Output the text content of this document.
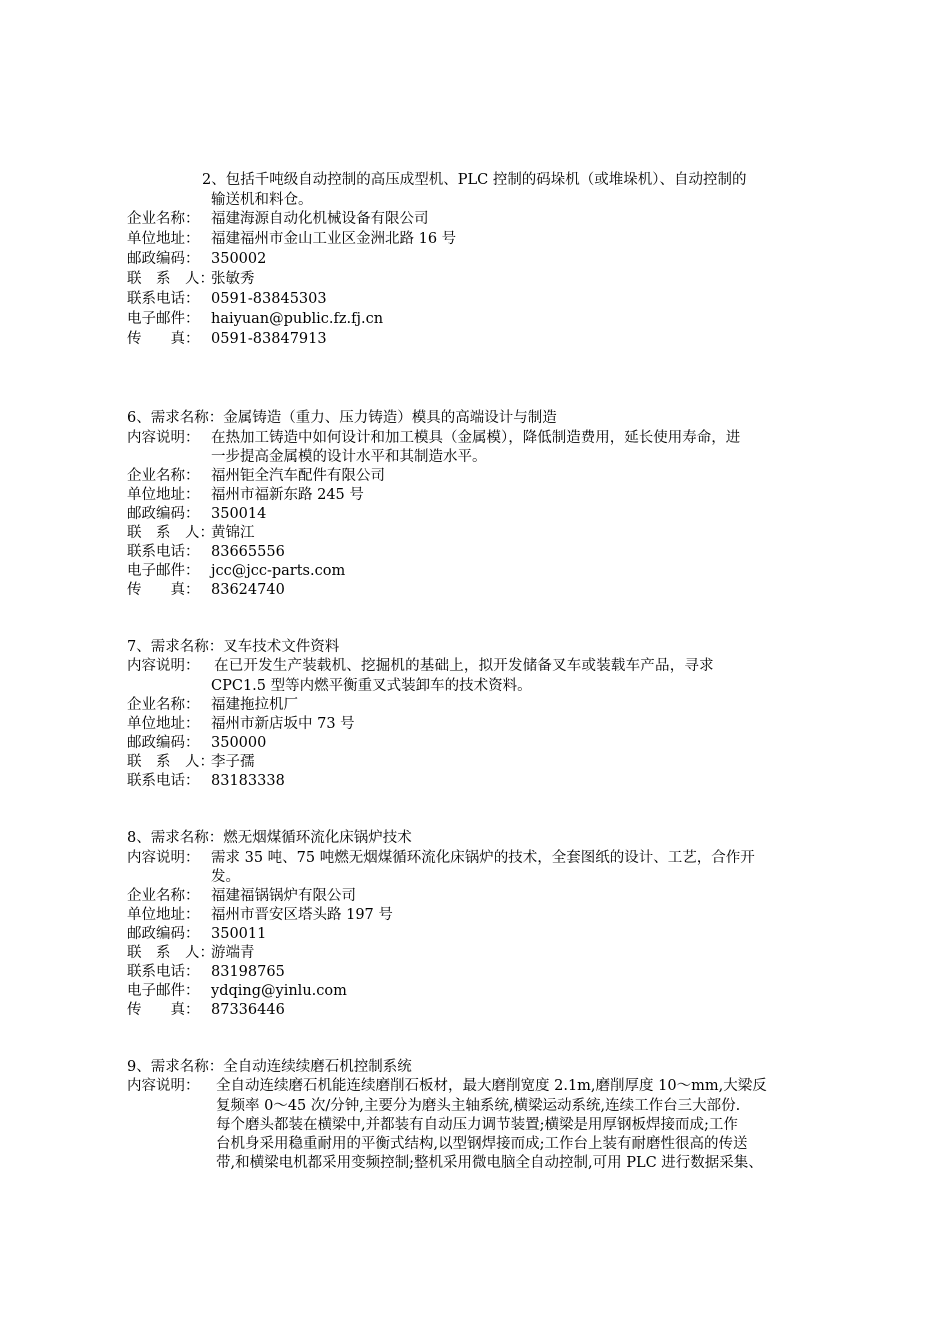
2、包括千吨级自动控制的高压成型机、PLC 控制的码垛机（或堆垛机）、自动控制的
输送机和料仓。
企业名称： 福建海源自动化机械设备有限公司
单位地址： 福建福州市金山工业区金洲北路 16 号
邮政编码： 350002
联　系　人：
张敏秀
联系电话： 0591-83845303
电子邮件： haiyuan@public.fz.fj.cn
传　　真： 0591-83847913
6、需求名称：金属铸造（重力、压力铸造）模具的高端设计与制造
内容说明： 在热加工铸造中如何设计和加工模具（金属模），降低制造费用，延长使用寿命，进
一步提高金属模的设计水平和其制造水平。
企业名称： 福州钜全汽车配件有限公司
单位地址： 福州市福新东路 245 号
邮政编码： 350014
联　系　人：
黄锦江
联系电话： 83665556
电子邮件： jcc@jcc-parts.com
传　　真： 83624740
7、需求名称：叉车技术文件资料
内容说明： 在已开发生产装载机、挖掘机的基础上，拟开发储备叉车或装载车产品，寻求
CPC1.5 型等内燃平衡重叉式装卸车的技术资料。
企业名称： 福建拖拉机厂
单位地址： 福州市新店坂中 73 号
邮政编码： 350000
联　系　人：
李子孺
联系电话： 83183338
8、需求名称：燃无烟煤循环流化床锅炉技术
内容说明： 需求 35 吨、75 吨燃无烟煤循环流化床锅炉的技术，全套图纸的设计、工艺，合作开
发。
企业名称： 福建福锅锅炉有限公司
单位地址： 福州市晋安区塔头路 197 号
邮政编码： 350011
联　系　人：
游端青
联系电话： 83198765
电子邮件： ydqing@yinlu.com
传　　真： 87336446
9、需求名称：全自动连续续磨石机控制系统
内容说明： 全自动连续磨石机能连续磨削石板材，最大磨削宽度 2.1m,磨削厚度 10～mm,大梁反
复频率 0～45 次/分钟,主要分为磨头主轴系统,横梁运动系统,连续工作台三大部份.
每个磨头都装在横梁中,并都装有自动压力调节装置;横梁是用厚钢板焊接而成;工作
台机身采用稳重耐用的平衡式结构,以型钢焊接而成;工作台上装有耐磨性很高的传送
带,和横梁电机都采用变频控制;整机采用微电脑全自动控制,可用 PLC 进行数据采集、
